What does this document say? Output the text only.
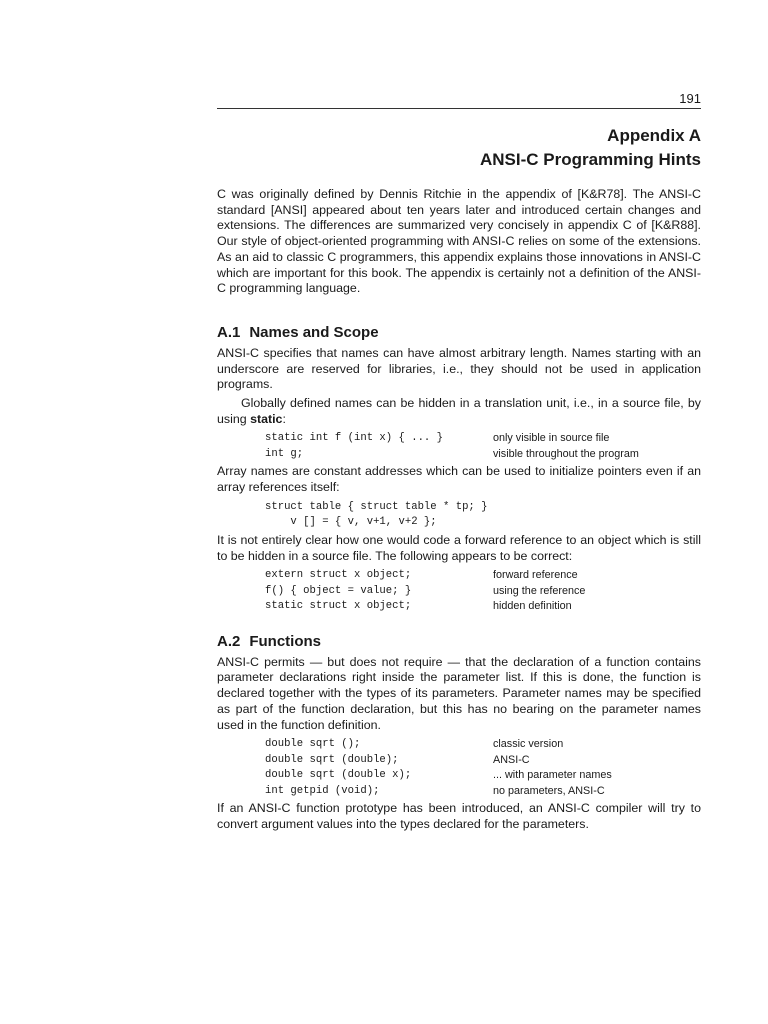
191
Appendix A
ANSI-C Programming Hints

C was originally defined by Dennis Ritchie in the appendix of [K&R78]. The ANSI-C standard [ANSI] appeared about ten years later and introduced certain changes and extensions. The differences are summarized very concisely in appendix C of [K&R88]. Our style of object-oriented programming with ANSI-C relies on some of the extensions. As an aid to classic C programmers, this appendix explains those innovations in ANSI-C which are important for this book. The appendix is certainly not a definition of the ANSI-C programming language.

A.1 Names and Scope

ANSI-C specifies that names can have almost arbitrary length. Names starting with an underscore are reserved for libraries, i.e., they should not be used in application programs.

Globally defined names can be hidden in a translation unit, i.e., in a source file, by using static:

static int f (int x) { ... }	only visible in source file
int g;	visible throughout the program

Array names are constant addresses which can be used to initialize pointers even if an array references itself:

struct table { struct table * tp; }
v [] = { v, v+1, v+2 };

It is not entirely clear how one would code a forward reference to an object which is still to be hidden in a source file. The following appears to be correct:

extern struct x object;	forward reference
f() { object = value; }	using the reference
static struct x object;	hidden definition
A.2 Functions

ANSI-C permits — but does not require — that the declaration of a function contains parameter declarations right inside the parameter list. If this is done, the function is declared together with the types of its parameters. Parameter names may be specified as part of the function declaration, but this has no bearing on the parameter names used in the function definition.

double sqrt ();	classic version
double sqrt (double);	ANSI-C
double sqrt (double x);	... with parameter names
int getpid (void);	no parameters, ANSI-C

If an ANSI-C function prototype has been introduced, an ANSI-C compiler will try to convert argument values into the types declared for the parameters.
